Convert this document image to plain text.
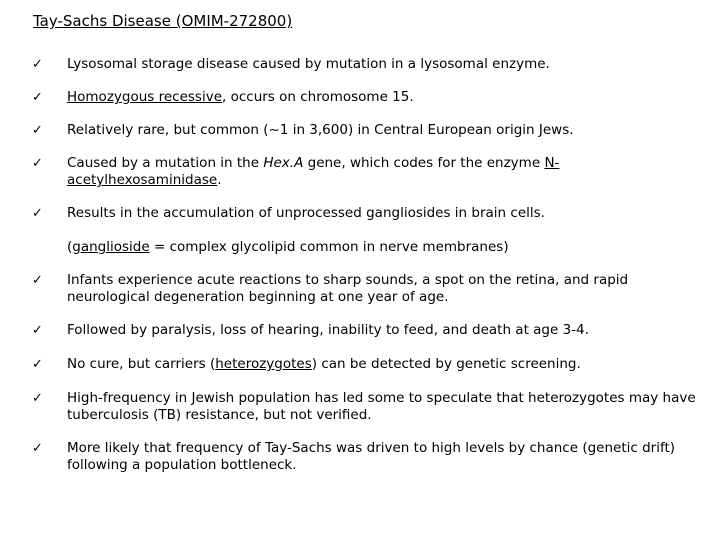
Tay-Sachs Disease (OMIM-272800)
✓ Lysosomal storage disease caused by mutation in a lysosomal enzyme.
✓ Homozygous recessive, occurs on chromosome 15.
✓ Relatively rare, but common (~1 in 3,600) in Central European origin Jews.
✓ Caused by a mutation in the Hex.A gene, which codes for the enzyme N-acetylhexosaminidase.
✓ Results in the accumulation of unprocessed gangliosides in brain cells.
(ganglioside = complex glycolipid common in nerve membranes)
✓ Infants experience acute reactions to sharp sounds, a spot on the retina, and rapid neurological degeneration beginning at one year of age.
✓ Followed by paralysis, loss of hearing, inability to feed, and death at age 3-4.
✓ No cure, but carriers (heterozygotes) can be detected by genetic screening.
✓ High-frequency in Jewish population has led some to speculate that heterozygotes may have tuberculosis (TB) resistance, but not verified.
✓ More likely that frequency of Tay-Sachs was driven to high levels by chance (genetic drift) following a population bottleneck.
